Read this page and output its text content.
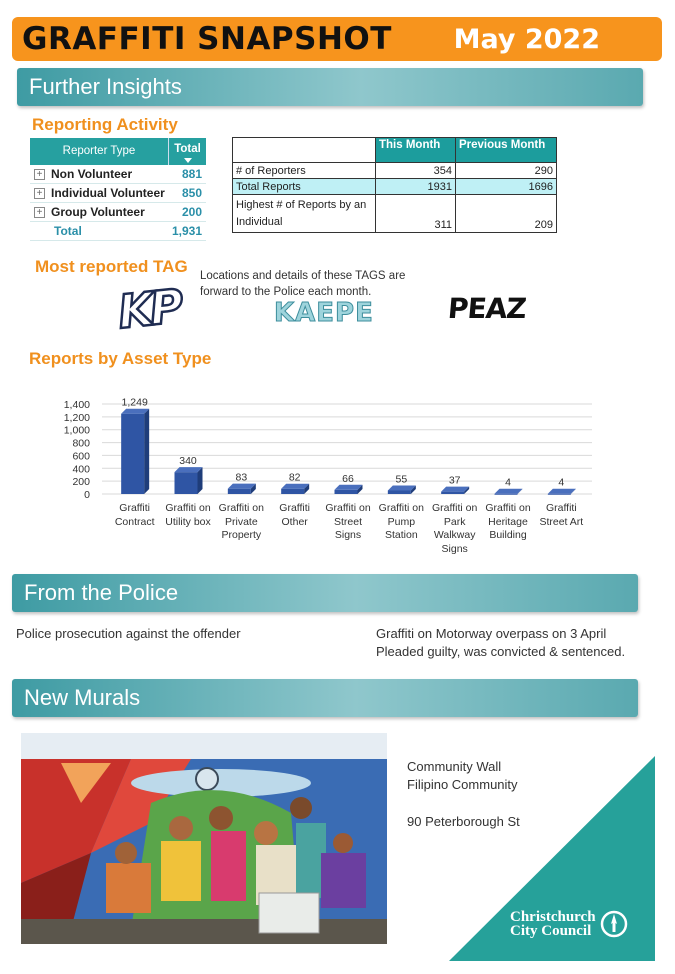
GRAFFITI SNAPSHOT May 2022
Further Insights
Reporting Activity
Reporter Type	Total
+ Non Volunteer	881
+ Individual Volunteer	850
+ Group Volunteer	200
Total	1,931
	This Month	Previous Month
# of Reporters	354	290
Total Reports	1931	1696
Highest # of Reports by an Individual	311	209
Most reported TAG Locations and details of these TAGS are forward to the Police each month.
KP	KAEPE	PEAZ
Reports by Asset Type
0
200
400
600
800
1,000
1,200
1,400	1,249
340
83	82	66	55	37	4	4
Graffiti
Contract
Graffiti on
Utility box
Graffiti on
Private
Property
Graffiti
Other
Graffiti on
Street
Signs
Graffiti on
Pump
Station
Graffiti on
Park
Walkway
Signs
Graffiti on
Heritage
Building
Graffiti
Street Art
From the Police
Police prosecution against the offender	Graffiti on Motorway overpass on 3 April
Pleaded guilty, was convicted & sentenced.
New Murals
Community Wall
Filipino Community
90 Peterborough St
Christchurch
City Council
